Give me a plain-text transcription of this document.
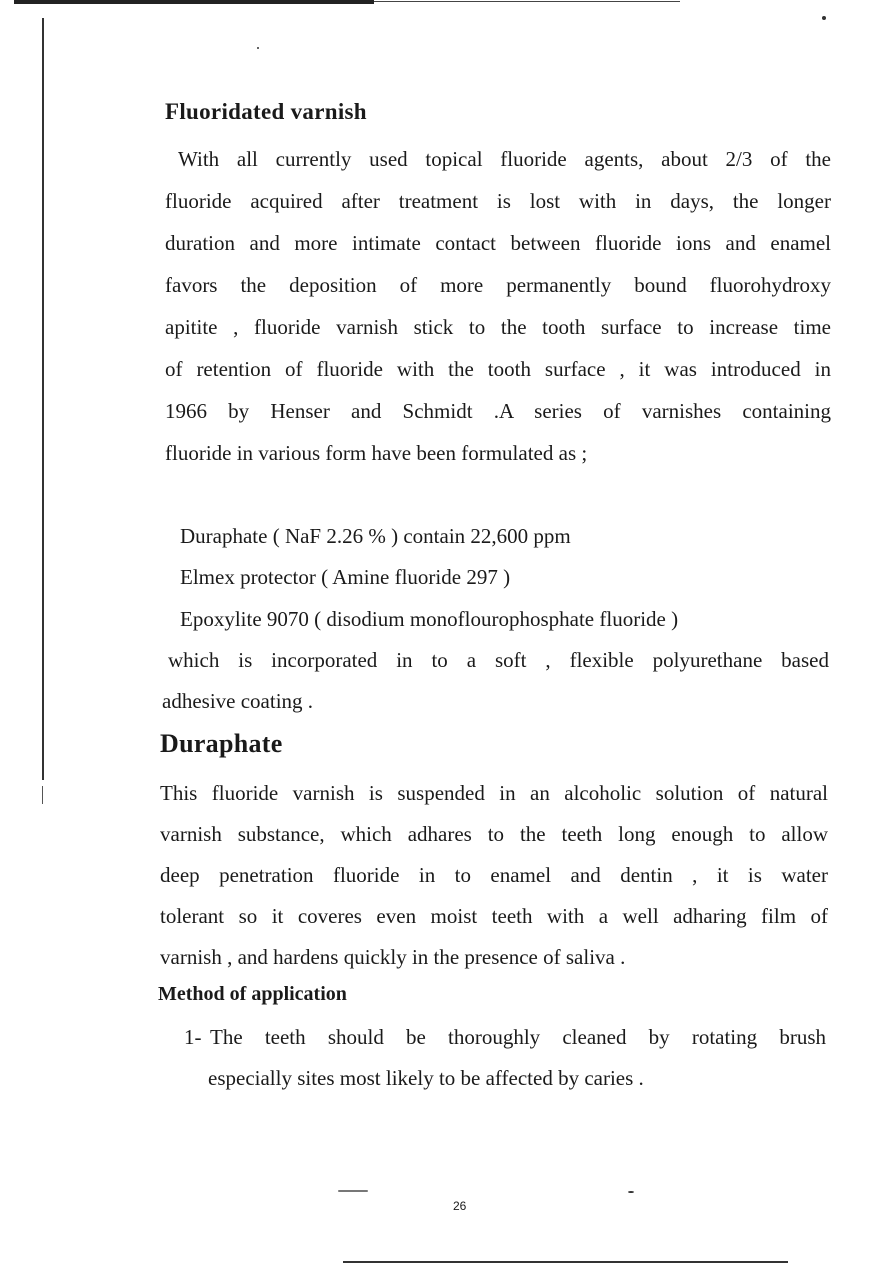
Fluoridated varnish
With all currently used topical fluoride agents, about 2/3 of the
fluoride acquired after treatment is lost with in days, the longer
duration and more intimate contact between fluoride ions and enamel
favors the deposition of more permanently bound fluorohydroxy
apitite , fluoride varnish stick to the tooth surface to increase time
of retention of fluoride with the tooth surface , it was introduced in
1966 by Henser and Schmidt .A series of varnishes containing
fluoride in various form have been formulated as ;
Duraphate ( NaF 2.26 % ) contain 22,600 ppm
Elmex protector ( Amine fluoride 297 )
Epoxylite 9070 ( disodium monoflourophosphate fluoride )
which is incorporated in to a soft , flexible polyurethane based
adhesive coating .
Duraphate
This fluoride varnish is suspended in an alcoholic solution of natural
varnish substance, which adhares to the teeth long enough to allow
deep penetration fluoride in to enamel and dentin , it is water
tolerant so it coveres even moist teeth with a well adharing film of
varnish , and hardens quickly in the presence of saliva .
Method of application
1- The teeth should be thoroughly cleaned by rotating brush
especially sites most likely to be affected by caries .
26
